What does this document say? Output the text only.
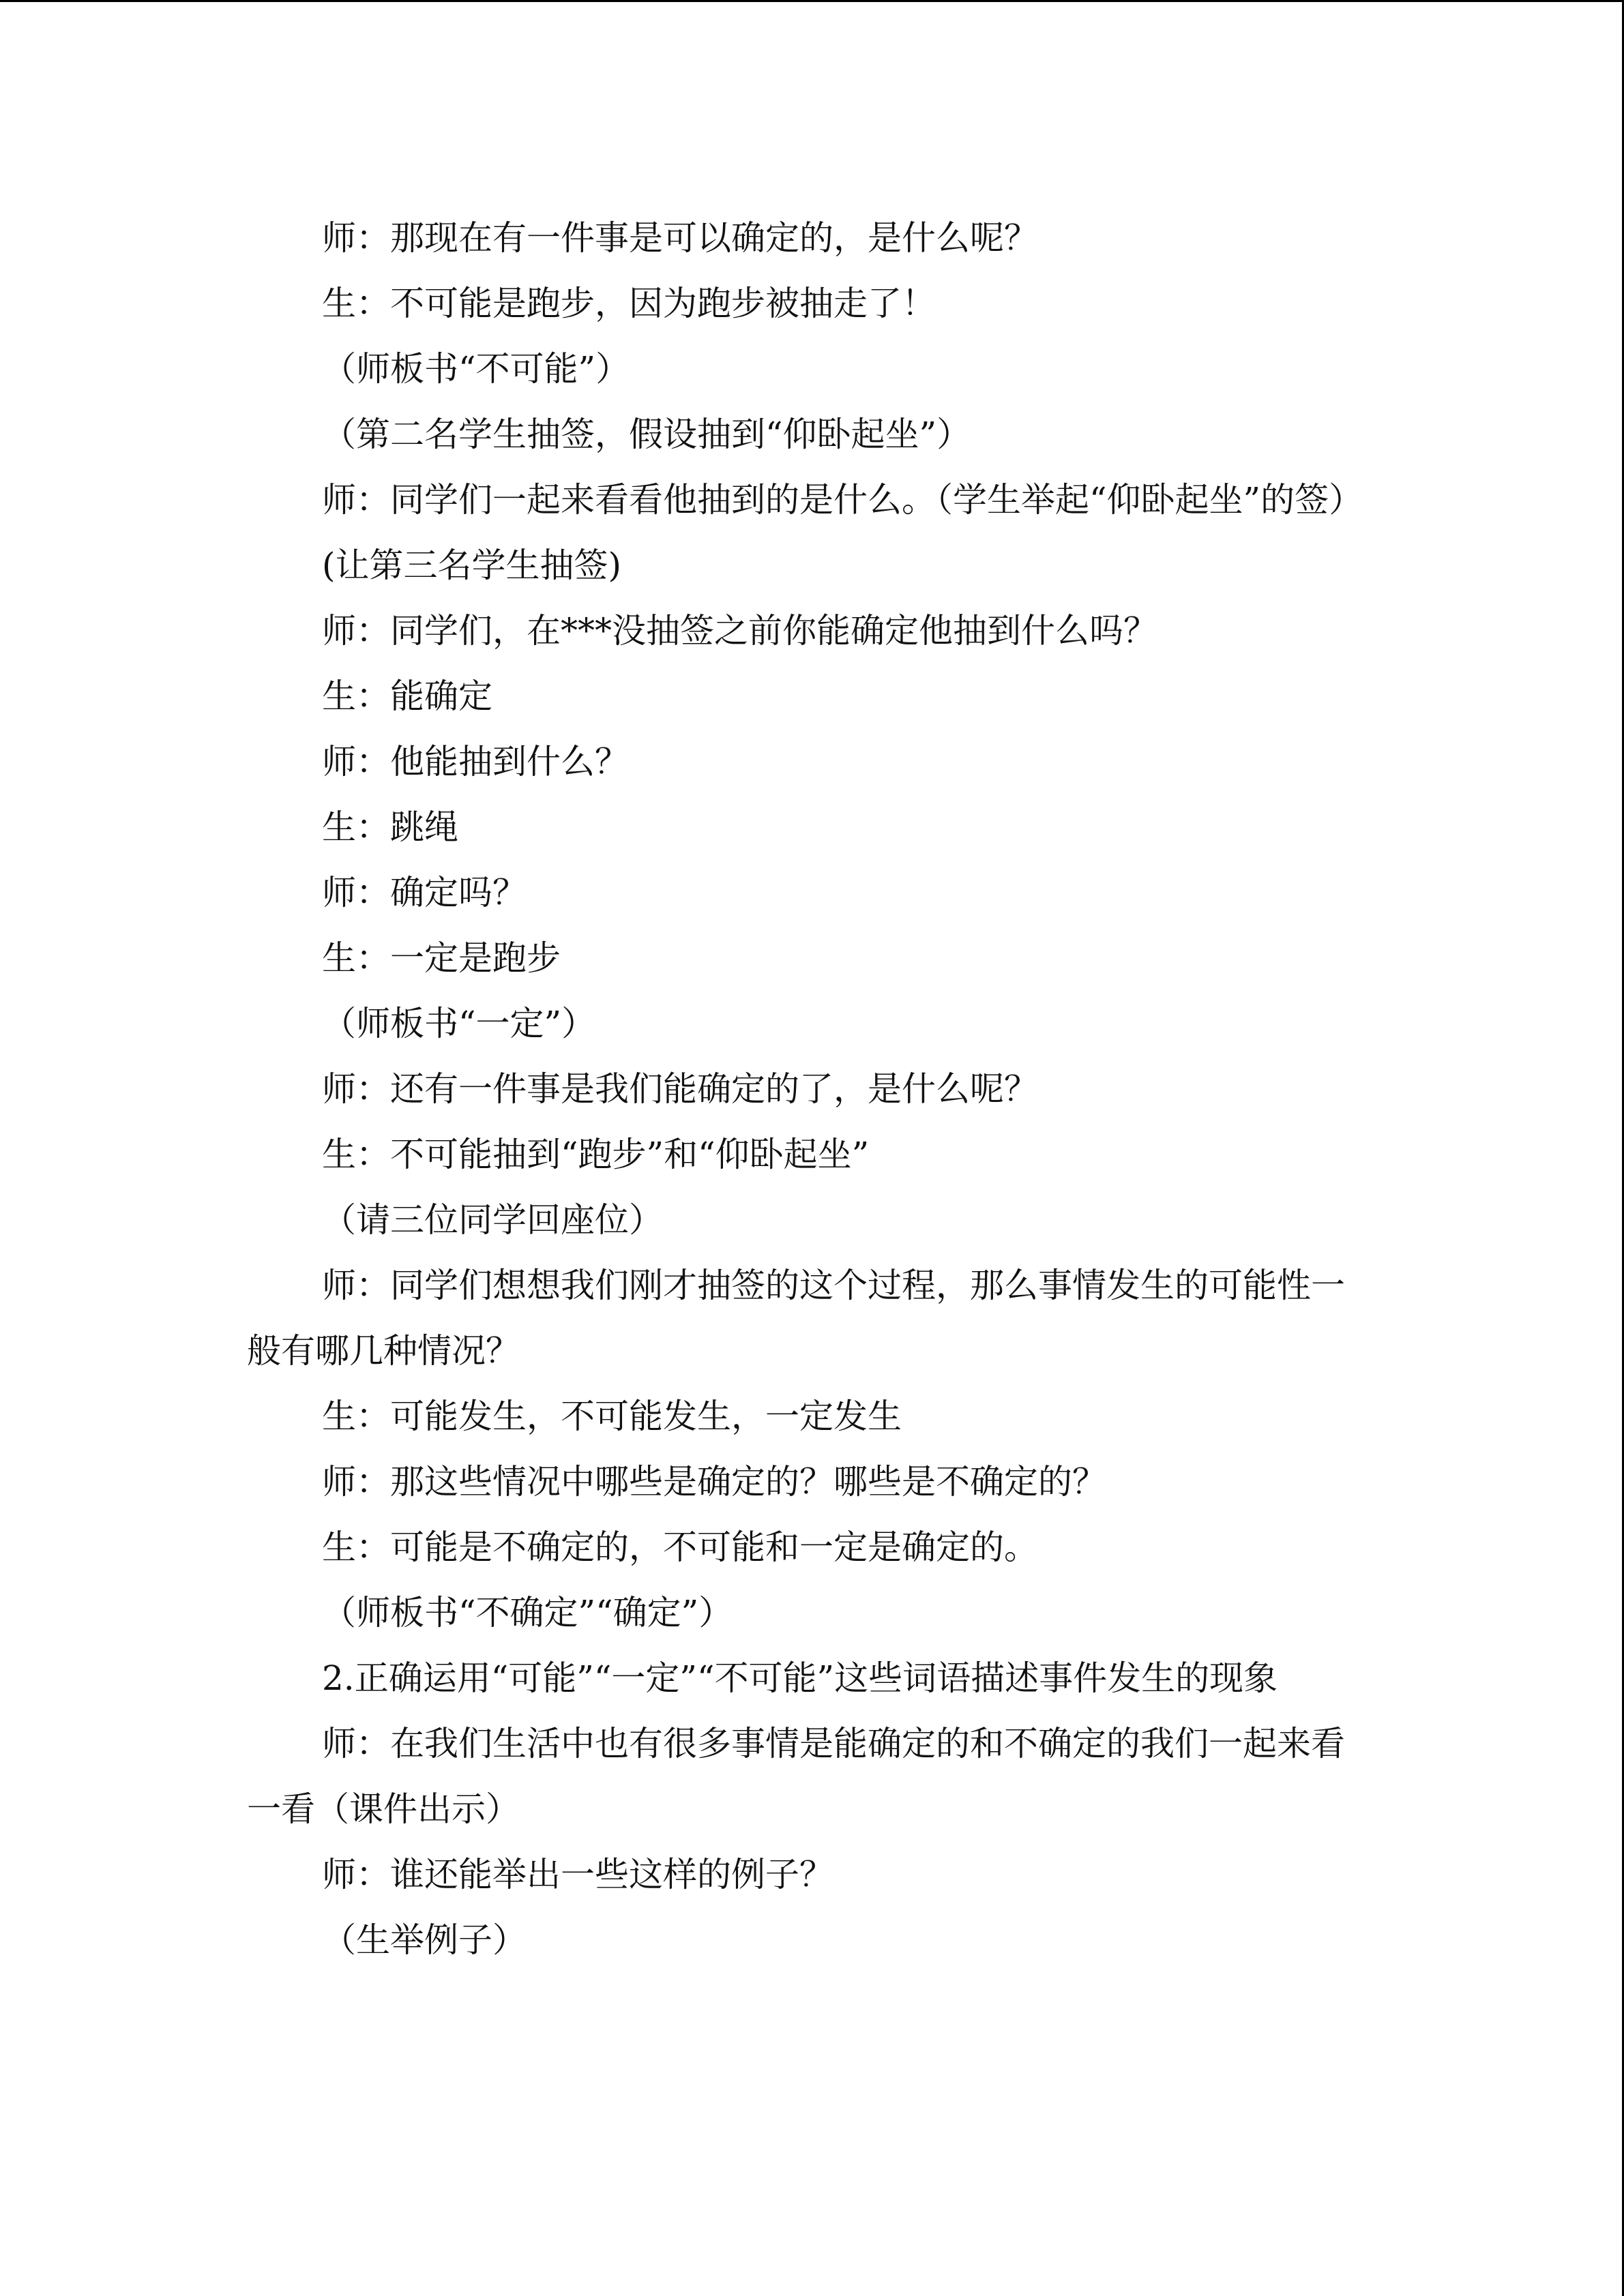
师：那现在有一件事是可以确定的，是什么呢？

生：不可能是跑步，因为跑步被抽走了！

（师板书“不可能”）

（第二名学生抽签，假设抽到“仰卧起坐”）

师：同学们一起来看看他抽到的是什么。（学生举起“仰卧起坐”的签）

(让第三名学生抽签)

师：同学们，在***没抽签之前你能确定他抽到什么吗？

生：能确定

师：他能抽到什么？

生：跳绳

师：确定吗？

生：一定是跑步

（师板书“一定”）

师：还有一件事是我们能确定的了，是什么呢？

生：不可能抽到“跑步”和“仰卧起坐”

（请三位同学回座位）

师：同学们想想我们刚才抽签的这个过程，那么事情发生的可能性一般有哪几种情况？

生：可能发生，不可能发生，一定发生

师：那这些情况中哪些是确定的？哪些是不确定的？

生：可能是不确定的，不可能和一定是确定的。

（师板书“不确定”“确定”）

2.正确运用“可能”“一定”“不可能”这些词语描述事件发生的现象

师：在我们生活中也有很多事情是能确定的和不确定的我们一起来看一看（课件出示）

师：谁还能举出一些这样的例子？

（生举例子）
